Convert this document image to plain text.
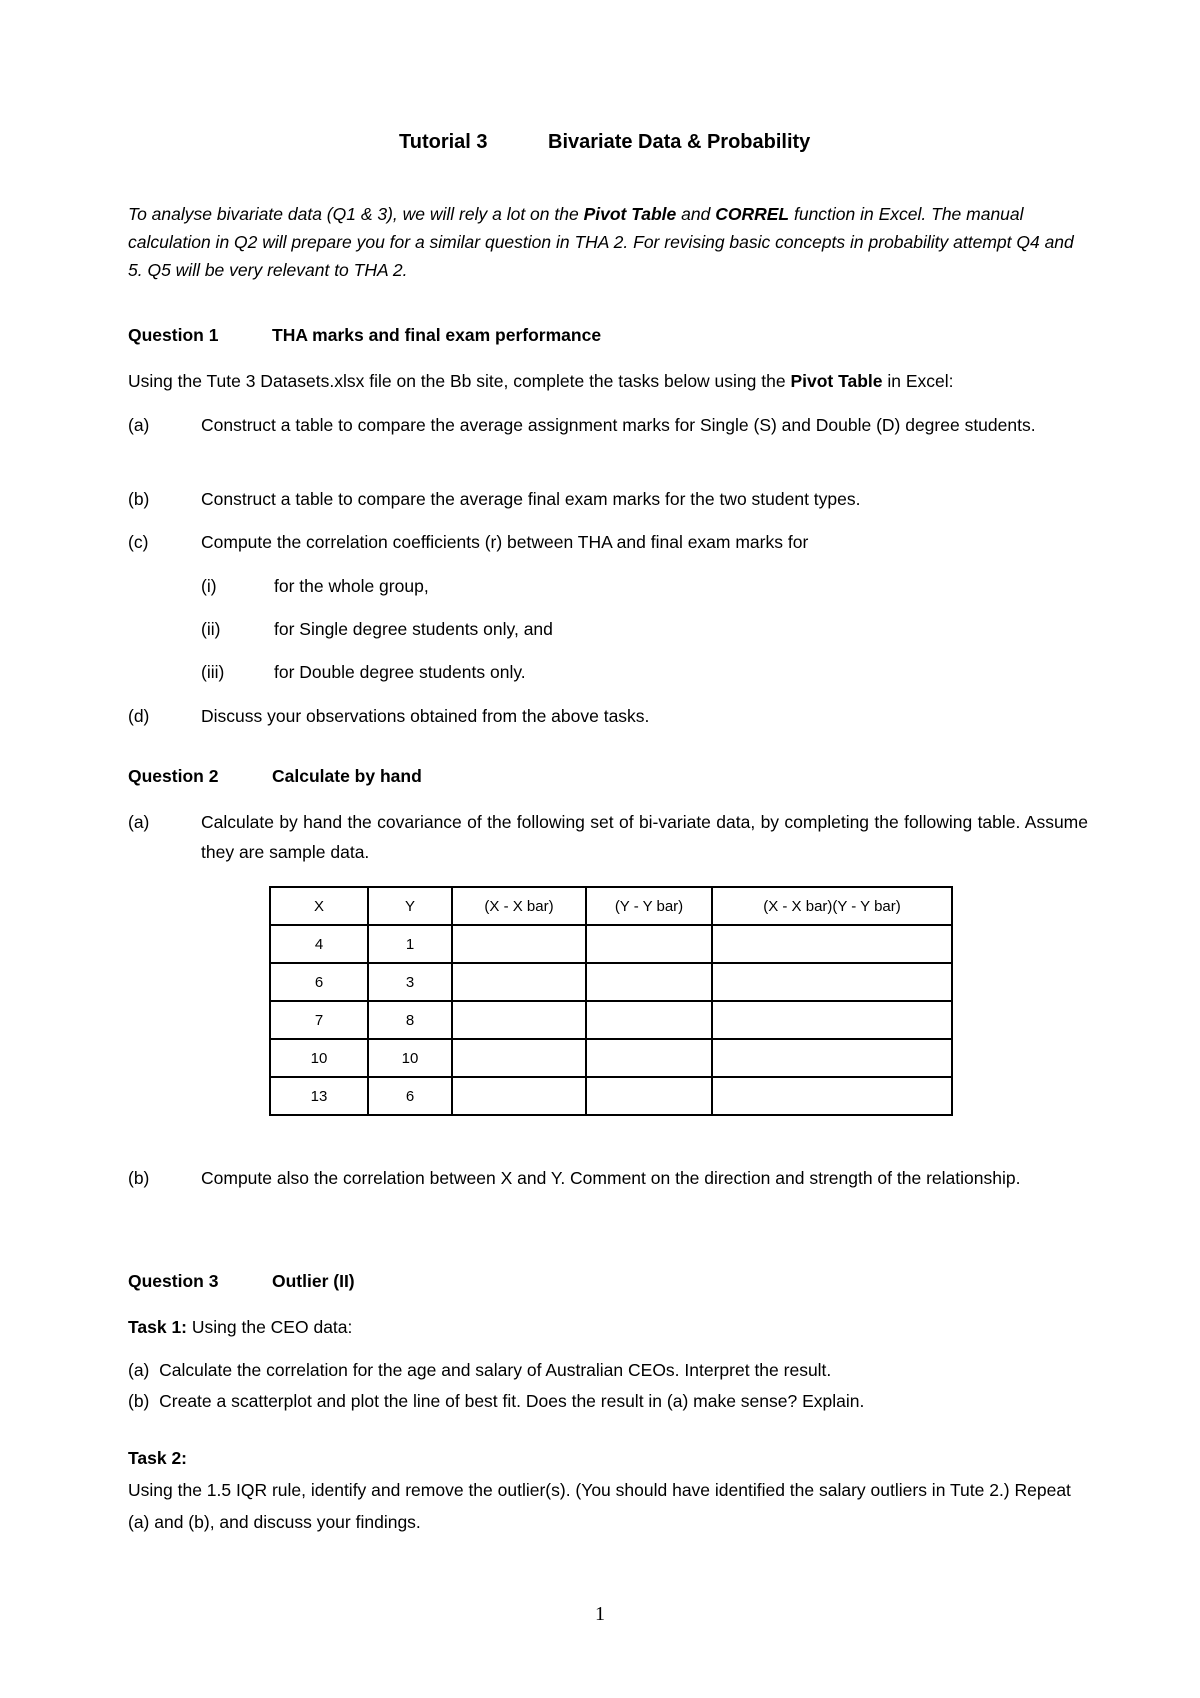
Tutorial 3	Bivariate Data & Probability
To analyse bivariate data (Q1 & 3), we will rely a lot on the Pivot Table and CORREL function in Excel. The manual calculation in Q2 will prepare you for a similar question in THA 2. For revising basic concepts in probability attempt Q4 and 5. Q5 will be very relevant to THA 2.
Question 1	THA marks and final exam performance
Using the Tute 3 Datasets.xlsx file on the Bb site, complete the tasks below using the Pivot Table in Excel:
(a)	Construct a table to compare the average assignment marks for Single (S) and Double (D) degree students.
(b)	Construct a table to compare the average final exam marks for the two student types.
(c)	Compute the correlation coefficients (r) between THA and final exam marks for
(i)	for the whole group,
(ii)	for Single degree students only, and
(iii)	for Double degree students only.
(d)	Discuss your observations obtained from the above tasks.
Question 2	Calculate by hand
(a)	Calculate by hand the covariance of the following set of bi-variate data, by completing the following table. Assume they are sample data.
X	Y	(X - X bar)	(Y - Y bar)	(X - X bar)(Y - Y bar)
4	1			
6	3			
7	8			
10	10			
13	6			
(b)	Compute also the correlation between X and Y. Comment on the direction and strength of the relationship.
Question 3	Outlier (II)
Task 1: Using the CEO data:
(a) Calculate the correlation for the age and salary of Australian CEOs. Interpret the result.
(b) Create a scatterplot and plot the line of best fit. Does the result in (a) make sense? Explain.
Task 2:
Using the 1.5 IQR rule, identify and remove the outlier(s). (You should have identified the salary outliers in Tute 2.) Repeat (a) and (b), and discuss your findings.
1
